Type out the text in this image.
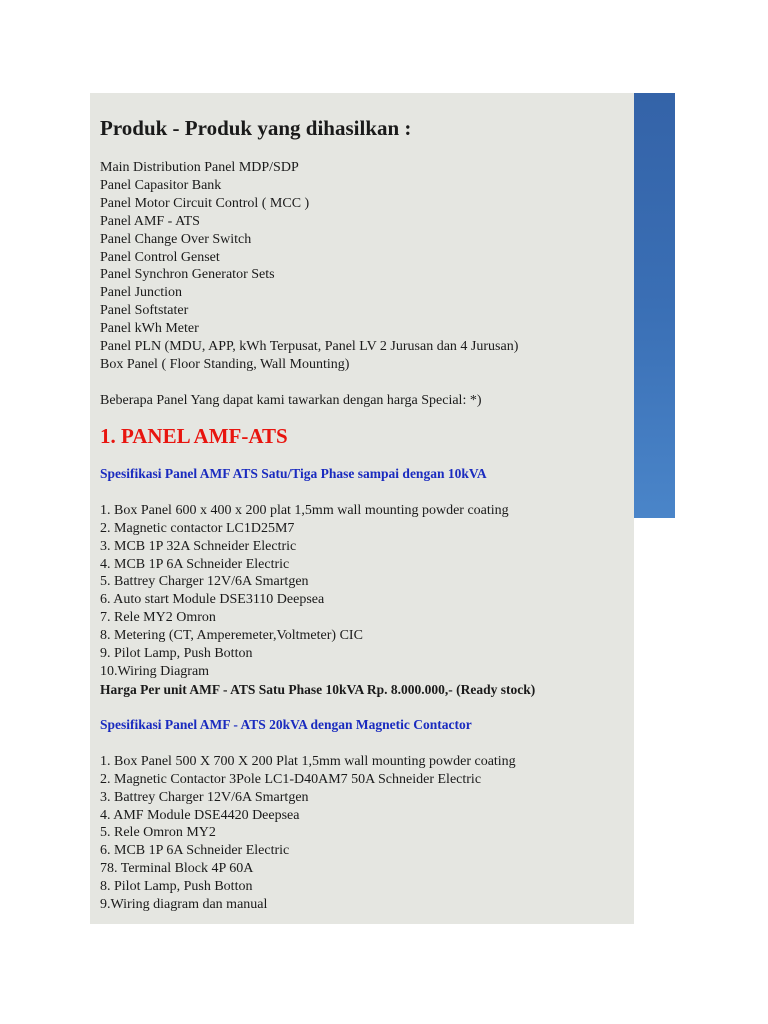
Produk - Produk yang dihasilkan :
Main Distribution Panel MDP/SDP
Panel Capasitor Bank
Panel Motor Circuit Control ( MCC )
Panel AMF - ATS
Panel Change Over Switch
Panel Control Genset
Panel Synchron Generator Sets
Panel Junction
Panel Softstater
Panel kWh Meter
Panel PLN (MDU, APP, kWh Terpusat, Panel LV 2 Jurusan dan 4 Jurusan)
Box Panel ( Floor Standing, Wall Mounting)
Beberapa Panel Yang dapat kami tawarkan dengan harga Special: *)
1. PANEL AMF-ATS
Spesifikasi Panel AMF ATS Satu/Tiga Phase sampai dengan 10kVA
1. Box Panel 600 x 400 x 200 plat 1,5mm wall mounting powder coating
2. Magnetic contactor LC1D25M7
3. MCB 1P 32A Schneider Electric
4. MCB 1P 6A Schneider Electric
5. Battrey Charger 12V/6A Smartgen
6. Auto start Module DSE3110 Deepsea
7. Rele MY2 Omron
8. Metering (CT, Amperemeter,Voltmeter) CIC
9. Pilot Lamp, Push Botton
10.Wiring Diagram
Harga Per unit AMF - ATS Satu Phase 10kVA Rp. 8.000.000,- (Ready stock)
Spesifikasi Panel AMF - ATS 20kVA dengan Magnetic Contactor
1. Box Panel 500 X 700 X 200 Plat 1,5mm wall mounting powder coating
2. Magnetic Contactor 3Pole LC1-D40AM7 50A Schneider Electric
3. Battrey Charger 12V/6A Smartgen
4. AMF Module DSE4420 Deepsea
5. Rele Omron MY2
6. MCB 1P 6A Schneider Electric
78. Terminal Block 4P 60A
8. Pilot Lamp, Push Botton
9.Wiring diagram dan manual
